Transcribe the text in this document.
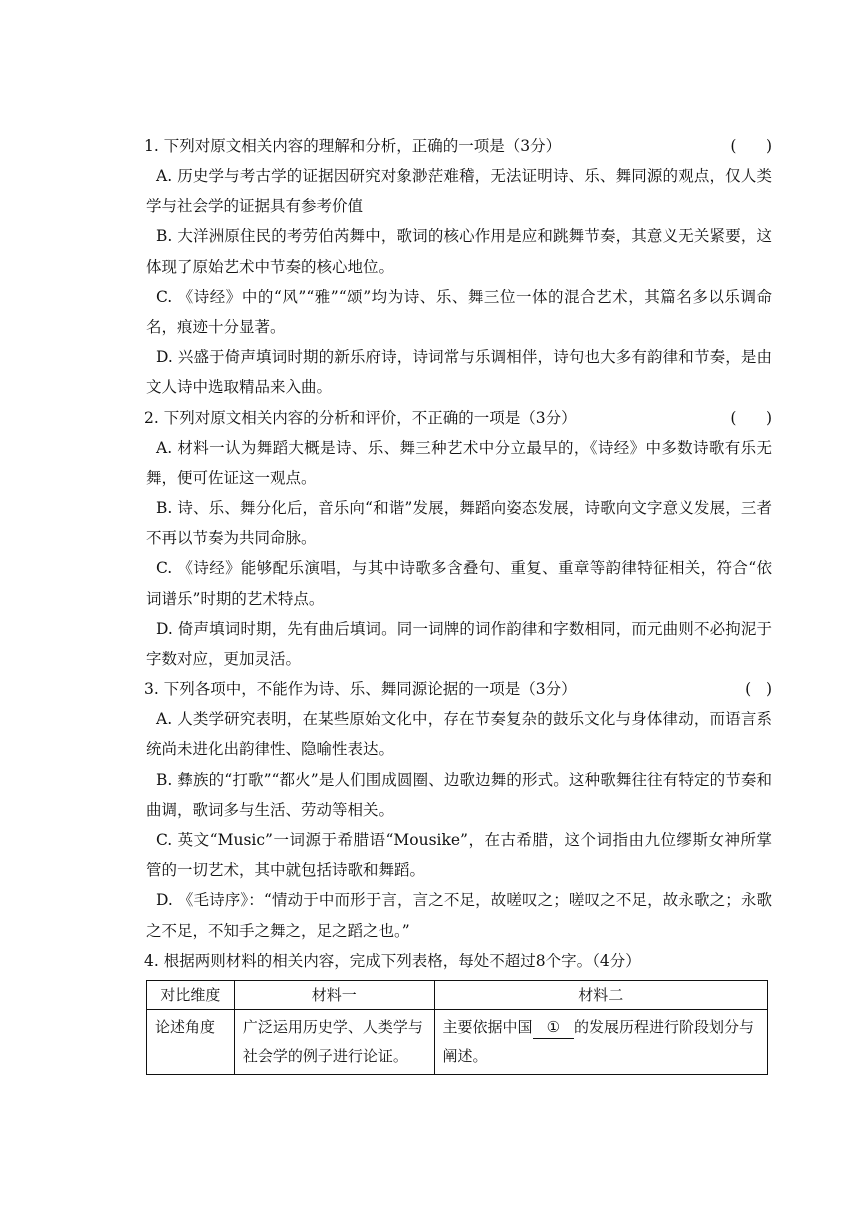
1. 下列对原文相关内容的理解和分析，正确的一项是（3分）	(      )
A. 历史学与考古学的证据因研究对象渺茫难稽，无法证明诗、乐、舞同源的观点，仅人类学与社会学的证据具有参考价值
B. 大洋洲原住民的考劳伯芮舞中，歌词的核心作用是应和跳舞节奏，其意义无关紧要，这体现了原始艺术中节奏的核心地位。
C. 《诗经》中的“风”“雅”“颂”均为诗、乐、舞三位一体的混合艺术，其篇名多以乐调命名，痕迹十分显著。
D. 兴盛于倚声填词时期的新乐府诗，诗词常与乐调相伴，诗句也大多有韵律和节奏，是由文人诗中选取精品来入曲。
2. 下列对原文相关内容的分析和评价，不正确的一项是（3分）	(      )
A. 材料一认为舞蹈大概是诗、乐、舞三种艺术中分立最早的，《诗经》中多数诗歌有乐无舞，便可佐证这一观点。
B. 诗、乐、舞分化后，音乐向“和谐”发展，舞蹈向姿态发展，诗歌向文字意义发展，三者不再以节奏为共同命脉。
C. 《诗经》能够配乐演唱，与其中诗歌多含叠句、重复、重章等韵律特征相关，符合“依词谱乐”时期的艺术特点。
D. 倚声填词时期，先有曲后填词。同一词牌的词作韵律和字数相同，而元曲则不必拘泥于字数对应，更加灵活。
3. 下列各项中，不能作为诗、乐、舞同源论据的一项是（3分）	(   )
A. 人类学研究表明，在某些原始文化中，存在节奏复杂的鼓乐文化与身体律动，而语言系统尚未进化出韵律性、隐喻性表达。
B. 彝族的“打歌”“都火”是人们围成圆圈、边歌边舞的形式。这种歌舞往往有特定的节奏和曲调，歌词多与生活、劳动等相关。
C. 英文“Music”一词源于希腊语“Mousike”，在古希腊，这个词指由九位缪斯女神所掌管的一切艺术，其中就包括诗歌和舞蹈。
D. 《毛诗序》：“情动于中而形于言，言之不足，故嗟叹之；嗟叹之不足，故永歌之；永歌之不足，不知手之舞之，足之蹈之也。”
4. 根据两则材料的相关内容，完成下列表格，每处不超过8个字。（4分）
对比维度	材料一	材料二
论述角度	广泛运用历史学、人类学与社会学的例子进行论证。	主要依据中国 ① 的发展历程进行阶段划分与阐述。
